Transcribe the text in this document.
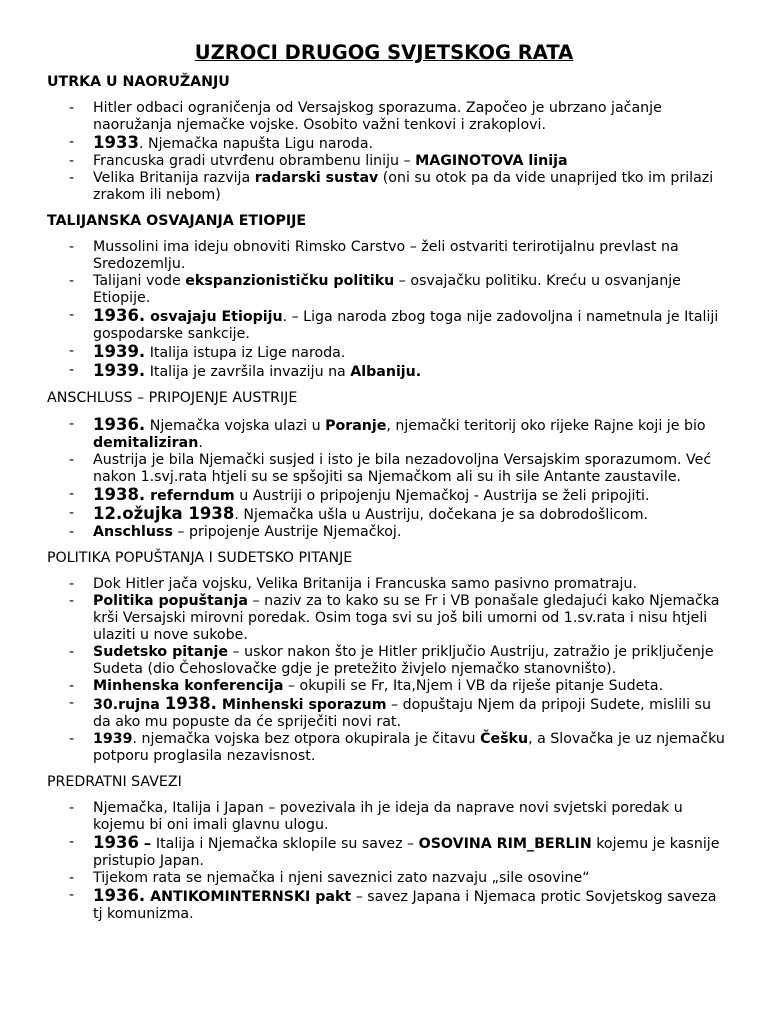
UZROCI DRUGOG SVJETSKOG RATA
UTRKA U NAORUŽANJU
- Hitler odbaci ograničenja od Versajskog sporazuma. Započeo je ubrzano jačanje naoružanja njemačke vojske. Osobito važni tenkovi i zrakoplovi.
- 1933. Njemačka napušta Ligu naroda.
- Francuska gradi utvrđenu obrambenu liniju – MAGINOTOVA linija
- Velika Britanija razvija radarski sustav (oni su otok pa da vide unaprijed tko im prilazi zrakom ili nebom)
TALIJANSKA OSVAJANJA ETIOPIJE
- Mussolini ima ideju obnoviti Rimsko Carstvo – želi ostvariti terirotijalnu prevlast na Sredozemlju.
- Talijani vode ekspanzionističku politiku – osvajačku politiku. Kreću u osvanjanje Etiopije.
- 1936. osvajaju Etiopiju. – Liga naroda zbog toga nije zadovoljna i nametnula je Italiji gospodarske sankcije.
- 1939. Italija istupa iz Lige naroda.
- 1939. Italija je završila invaziju na Albaniju.
ANSCHLUSS – PRIPOJENJE AUSTRIJE
- 1936. Njemačka vojska ulazi u Poranje, njemački teritorij oko rijeke Rajne koji je bio demitaliziran.
- Austrija je bila Njemački susjed i isto je bila nezadovoljna Versajskim sporazumom. Već nakon 1.svj.rata htjeli su se spšojiti sa Njemačkom ali su ih sile Antante zaustavile.
- 1938. referndum u Austriji o pripojenju Njemačkoj - Austrija se želi pripojiti.
- 12.ožujka 1938. Njemačka ušla u Austriju, dočekana je sa dobrodošlicom.
- Anschluss – pripojenje Austrije Njemačkoj.
POLITIKA POPUŠTANJA I SUDETSKO PITANJE
- Dok Hitler jača vojsku, Velika Britanija i Francuska samo pasivno promatraju.
- Politika popuštanja – naziv za to kako su se Fr i VB ponašale gledajući kako Njemačka krši Versajski mirovni poredak. Osim toga svi su još bili umorni od 1.sv.rata i nisu htjeli ulaziti u nove sukobe.
- Sudetsko pitanje – uskor nakon što je Hitler priključio Austriju, zatražio je priključenje Sudeta (dio Čehoslovačke gdje je pretežito živjelo njemačko stanovništo).
- Minhenska konferencija – okupili se Fr, Ita,Njem i VB da riješe pitanje Sudeta.
- 30.rujna 1938. Minhenski sporazum – dopuštaju Njem da pripoji Sudete, mislili su da ako mu popuste da će spriječiti novi rat.
- 1939. njemačka vojska bez otpora okupirala je čitavu Češku, a Slovačka je uz njemačku potporu proglasila nezavisnost.
PREDRATNI SAVEZI
- Njemačka, Italija i Japan – povezivala ih je ideja da naprave novi svjetski poredak u kojemu bi oni imali glavnu ulogu.
- 1936 – Italija i Njemačka sklopile su savez – OSOVINA RIM_BERLIN kojemu je kasnije pristupio Japan.
- Tijekom rata se njemačka i njeni saveznici zato nazvaju „sile osovine“
- 1936. ANTIKOMINTERNSKI pakt – savez Japana i Njemaca protic Sovjetskog saveza tj komunizma.
